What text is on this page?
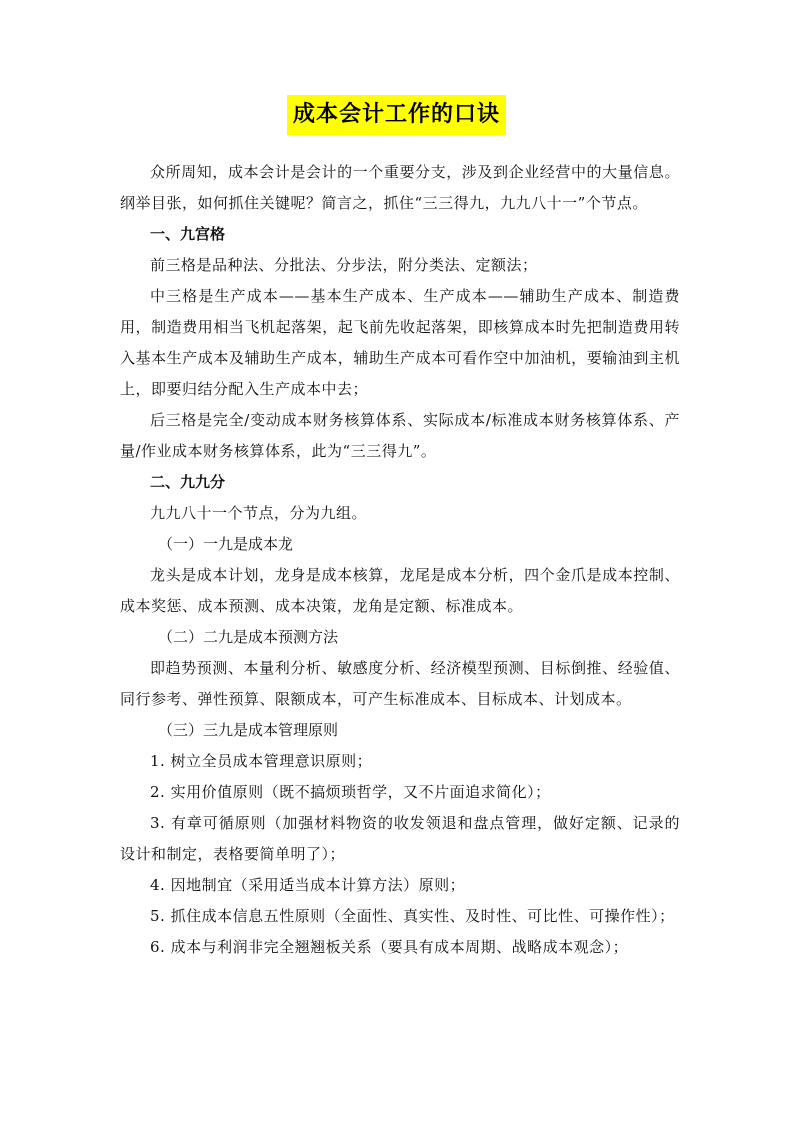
成本会计工作的口诀

众所周知，成本会计是会计的一个重要分支，涉及到企业经营中的大量信息。纲举目张，如何抓住关键呢？简言之，抓住“三三得九，九九八十一”个节点。

一、九宫格

前三格是品种法、分批法、分步法，附分类法、定额法；

中三格是生产成本——基本生产成本、生产成本——辅助生产成本、制造费用，制造费用相当飞机起落架，起飞前先收起落架，即核算成本时先把制造费用转入基本生产成本及辅助生产成本，辅助生产成本可看作空中加油机，要输油到主机上，即要归结分配入生产成本中去；

后三格是完全/变动成本财务核算体系、实际成本/标准成本财务核算体系、产量/作业成本财务核算体系，此为“三三得九”。

二、九九分

九九八十一个节点，分为九组。

（一）一九是成本龙

龙头是成本计划，龙身是成本核算，龙尾是成本分析，四个金爪是成本控制、成本奖惩、成本预测、成本决策，龙角是定额、标准成本。

（二）二九是成本预测方法

即趋势预测、本量利分析、敏感度分析、经济模型预测、目标倒推、经验值、同行参考、弹性预算、限额成本，可产生标准成本、目标成本、计划成本。

（三）三九是成本管理原则

1. 树立全员成本管理意识原则；

2. 实用价值原则（既不搞烦琐哲学，又不片面追求简化）；

3. 有章可循原则（加强材料物资的收发领退和盘点管理，做好定额、记录的设计和制定，表格要简单明了）；

4. 因地制宜（采用适当成本计算方法）原则；

5. 抓住成本信息五性原则（全面性、真实性、及时性、可比性、可操作性）；

6. 成本与利润非完全翘翘板关系（要具有成本周期、战略成本观念）；
